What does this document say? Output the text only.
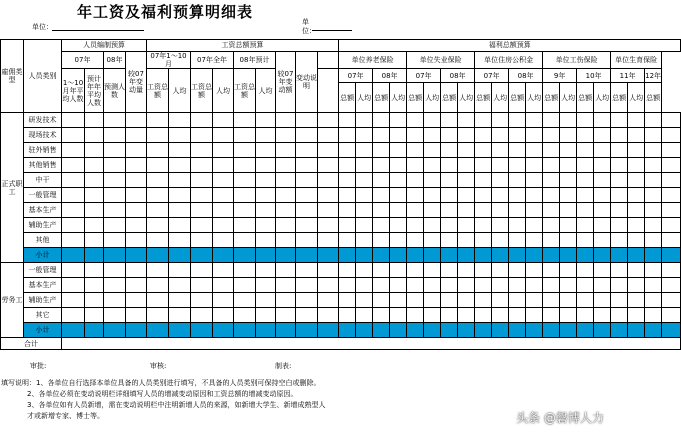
年工资及福利预算明细表
单位：
单位：
雇佣类型	人员类别	人员编制预算				工资总额预算									福利总额预算																			
		07年		08年	较07年变动量	07年1～10月		07年全年		08年预计		较07年变动额	变动说明		单位养老保险				单位失业保险				单位住房公积金				单位工伤保险				单位生育保险			
		1～10月年平均人数	预计年年平均人数	预测人数		工资总额	人均	工资总额	人均	工资总额	人均				07年		08年		07年		08年		07年		08年		9年		10年		11年		12年	
															总额	人均	总额	人均	总额	人均	总额	人均	总额	人均	总额	人均	总额	人均	总额	人均	总额	人均	总额	
正式职工	研发技术																																	
	现场技术																																	
	驻外销售																																	
	其他销售																																	
	中干																																	
	一般管理																																	
	基本生产																																	
	辅助生产																																	
	其他																																	
	小计																																	
劳务工	一般管理																																	
	基本生产																																	
	辅助生产																																	
	其它																																	
	小计																																	
合计																																		
审批:	审核:	制表:

填写说明：1、各单位自行选择本单位具备的人员类别进行填写，不具备的人员类别可保持空白或删除。

2、各单位必须在变动说明栏详细填写人员的增减变动原因和工资总额的增减变动原因。

3、各单位如有人员新增，需在变动说明栏中注明新增人员的来源，如新增大学生、新增成熟型人才或新增专家、博士等。	头条 @磐博人力
